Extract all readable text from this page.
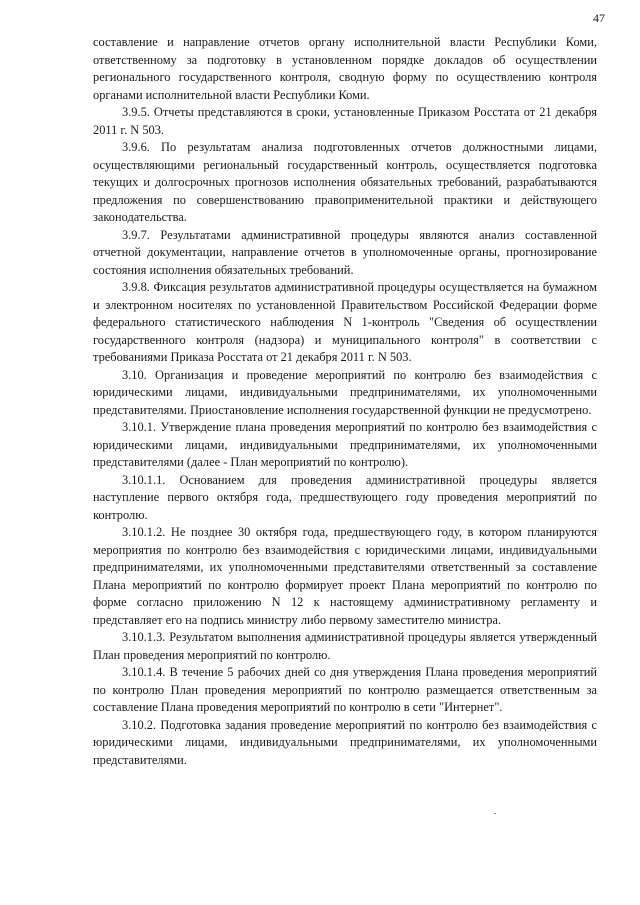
47

составление и направление отчетов органу исполнительной власти Республики Коми, ответственному за подготовку в установленном порядке докладов об осуществлении регионального государственного контроля, сводную форму по осуществлению контроля органами исполнительной власти Республики Коми.

3.9.5. Отчеты представляются в сроки, установленные Приказом Росстата от 21 декабря 2011 г. N 503.

3.9.6. По результатам анализа подготовленных отчетов должностными лицами, осуществляющими региональный государственный контроль, осуществляется подготовка текущих и долгосрочных прогнозов исполнения обязательных требований, разрабатываются предложения по совершенствованию правоприменительной практики и действующего законодательства.

3.9.7. Результатами административной процедуры являются анализ составленной отчетной документации, направление отчетов в уполномоченные органы, прогнозирование состояния исполнения обязательных требований.

3.9.8. Фиксация результатов административной процедуры осуществляется на бумажном и электронном носителях по установленной Правительством Российской Федерации форме федерального статистического наблюдения N 1-контроль "Сведения об осуществлении государственного контроля (надзора) и муниципального контроля" в соответствии с требованиями Приказа Росстата от 21 декабря 2011 г. N 503.

3.10. Организация и проведение мероприятий по контролю без взаимодействия с юридическими лицами, индивидуальными предпринимателями, их уполномоченными представителями. Приостановление исполнения государственной функции не предусмотрено.

3.10.1. Утверждение плана проведения мероприятий по контролю без взаимодействия с юридическими лицами, индивидуальными предпринимателями, их уполномоченными представителями (далее - План мероприятий по контролю).

3.10.1.1. Основанием для проведения административной процедуры является наступление первого октября года, предшествующего году проведения мероприятий по контролю.

3.10.1.2. Не позднее 30 октября года, предшествующего году, в котором планируются мероприятия по контролю без взаимодействия с юридическими лицами, индивидуальными предпринимателями, их уполномоченными представителями ответственный за составление Плана мероприятий по контролю формирует проект Плана мероприятий по контролю по форме согласно приложению N 12 к настоящему административному регламенту и представляет его на подпись министру либо первому заместителю министра.

3.10.1.3. Результатом выполнения административной процедуры является утвержденный План проведения мероприятий по контролю.

3.10.1.4. В течение 5 рабочих дней со дня утверждения Плана проведения мероприятий по контролю План проведения мероприятий по контролю размещается ответственным за составление Плана проведения мероприятий по контролю в сети "Интернет".

3.10.2. Подготовка задания проведение мероприятий по контролю без взаимодействия с юридическими лицами, индивидуальными предпринимателями, их уполномоченными представителями.
